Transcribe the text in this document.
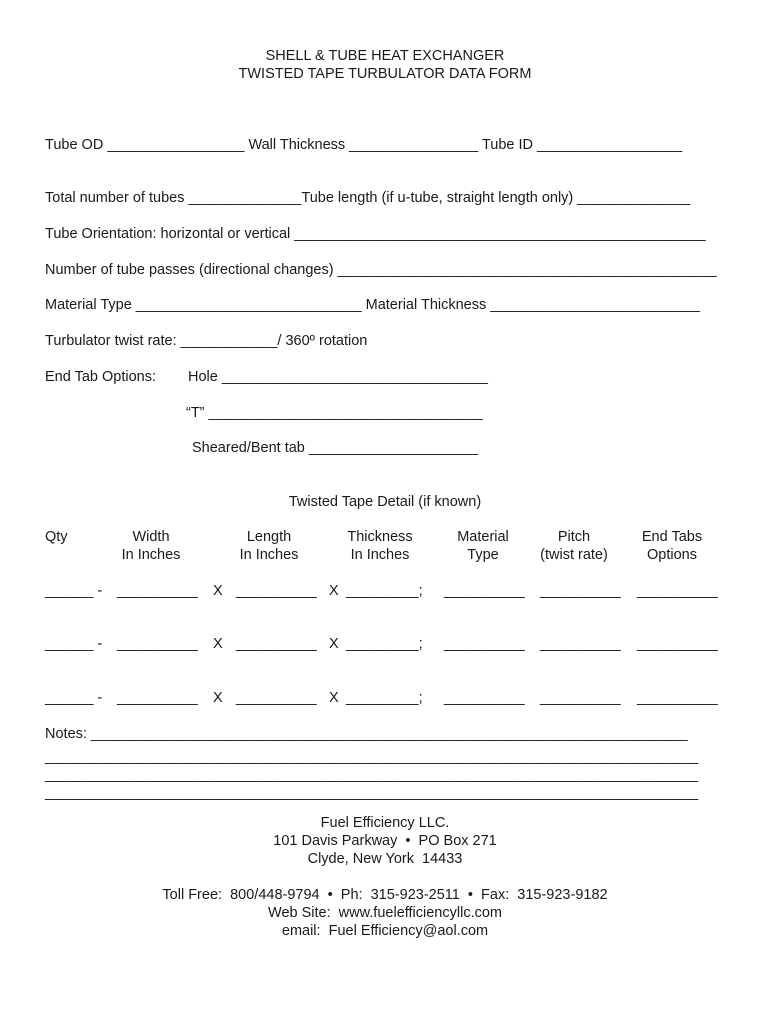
SHELL & TUBE HEAT EXCHANGER
TWISTED TAPE TURBULATOR DATA FORM
Tube OD _________________ Wall Thickness ________________ Tube ID __________________
Total number of tubes ______________Tube length (if u-tube, straight length only) ______________
Tube Orientation: horizontal or vertical ___________________________________________________
Number of tube passes (directional changes) _______________________________________________
Material Type ____________________________ Material Thickness __________________________
Turbulator twist rate: ____________/ 360º rotation
End Tab Options: Hole _________________________________
“T” __________________________________
Sheared/Bent tab _____________________
Twisted Tape Detail (if known)
Qty	Width
In Inches
Length
In Inches
Thickness
In Inches
Material
Type
Pitch
(twist rate)
End Tabs
Options
______ - __________ X __________ X _________; __________ __________ __________
______ - __________ X __________ X _________; __________ __________ __________
______ - __________ X __________ X _________; __________ __________ __________
Notes: __________________________________________________________________________
_________________________________________________________________________________
_________________________________________________________________________________
_________________________________________________________________________________
Fuel Efficiency LLC.
101 Davis Parkway  •  PO Box 271
Clyde, New York  14433
Toll Free:  800/448-9794  •  Ph:  315-923-2511  •  Fax:  315-923-9182
Web Site:  www.fuelefficiencyllc.com
email:  Fuel Efficiency@aol.com
